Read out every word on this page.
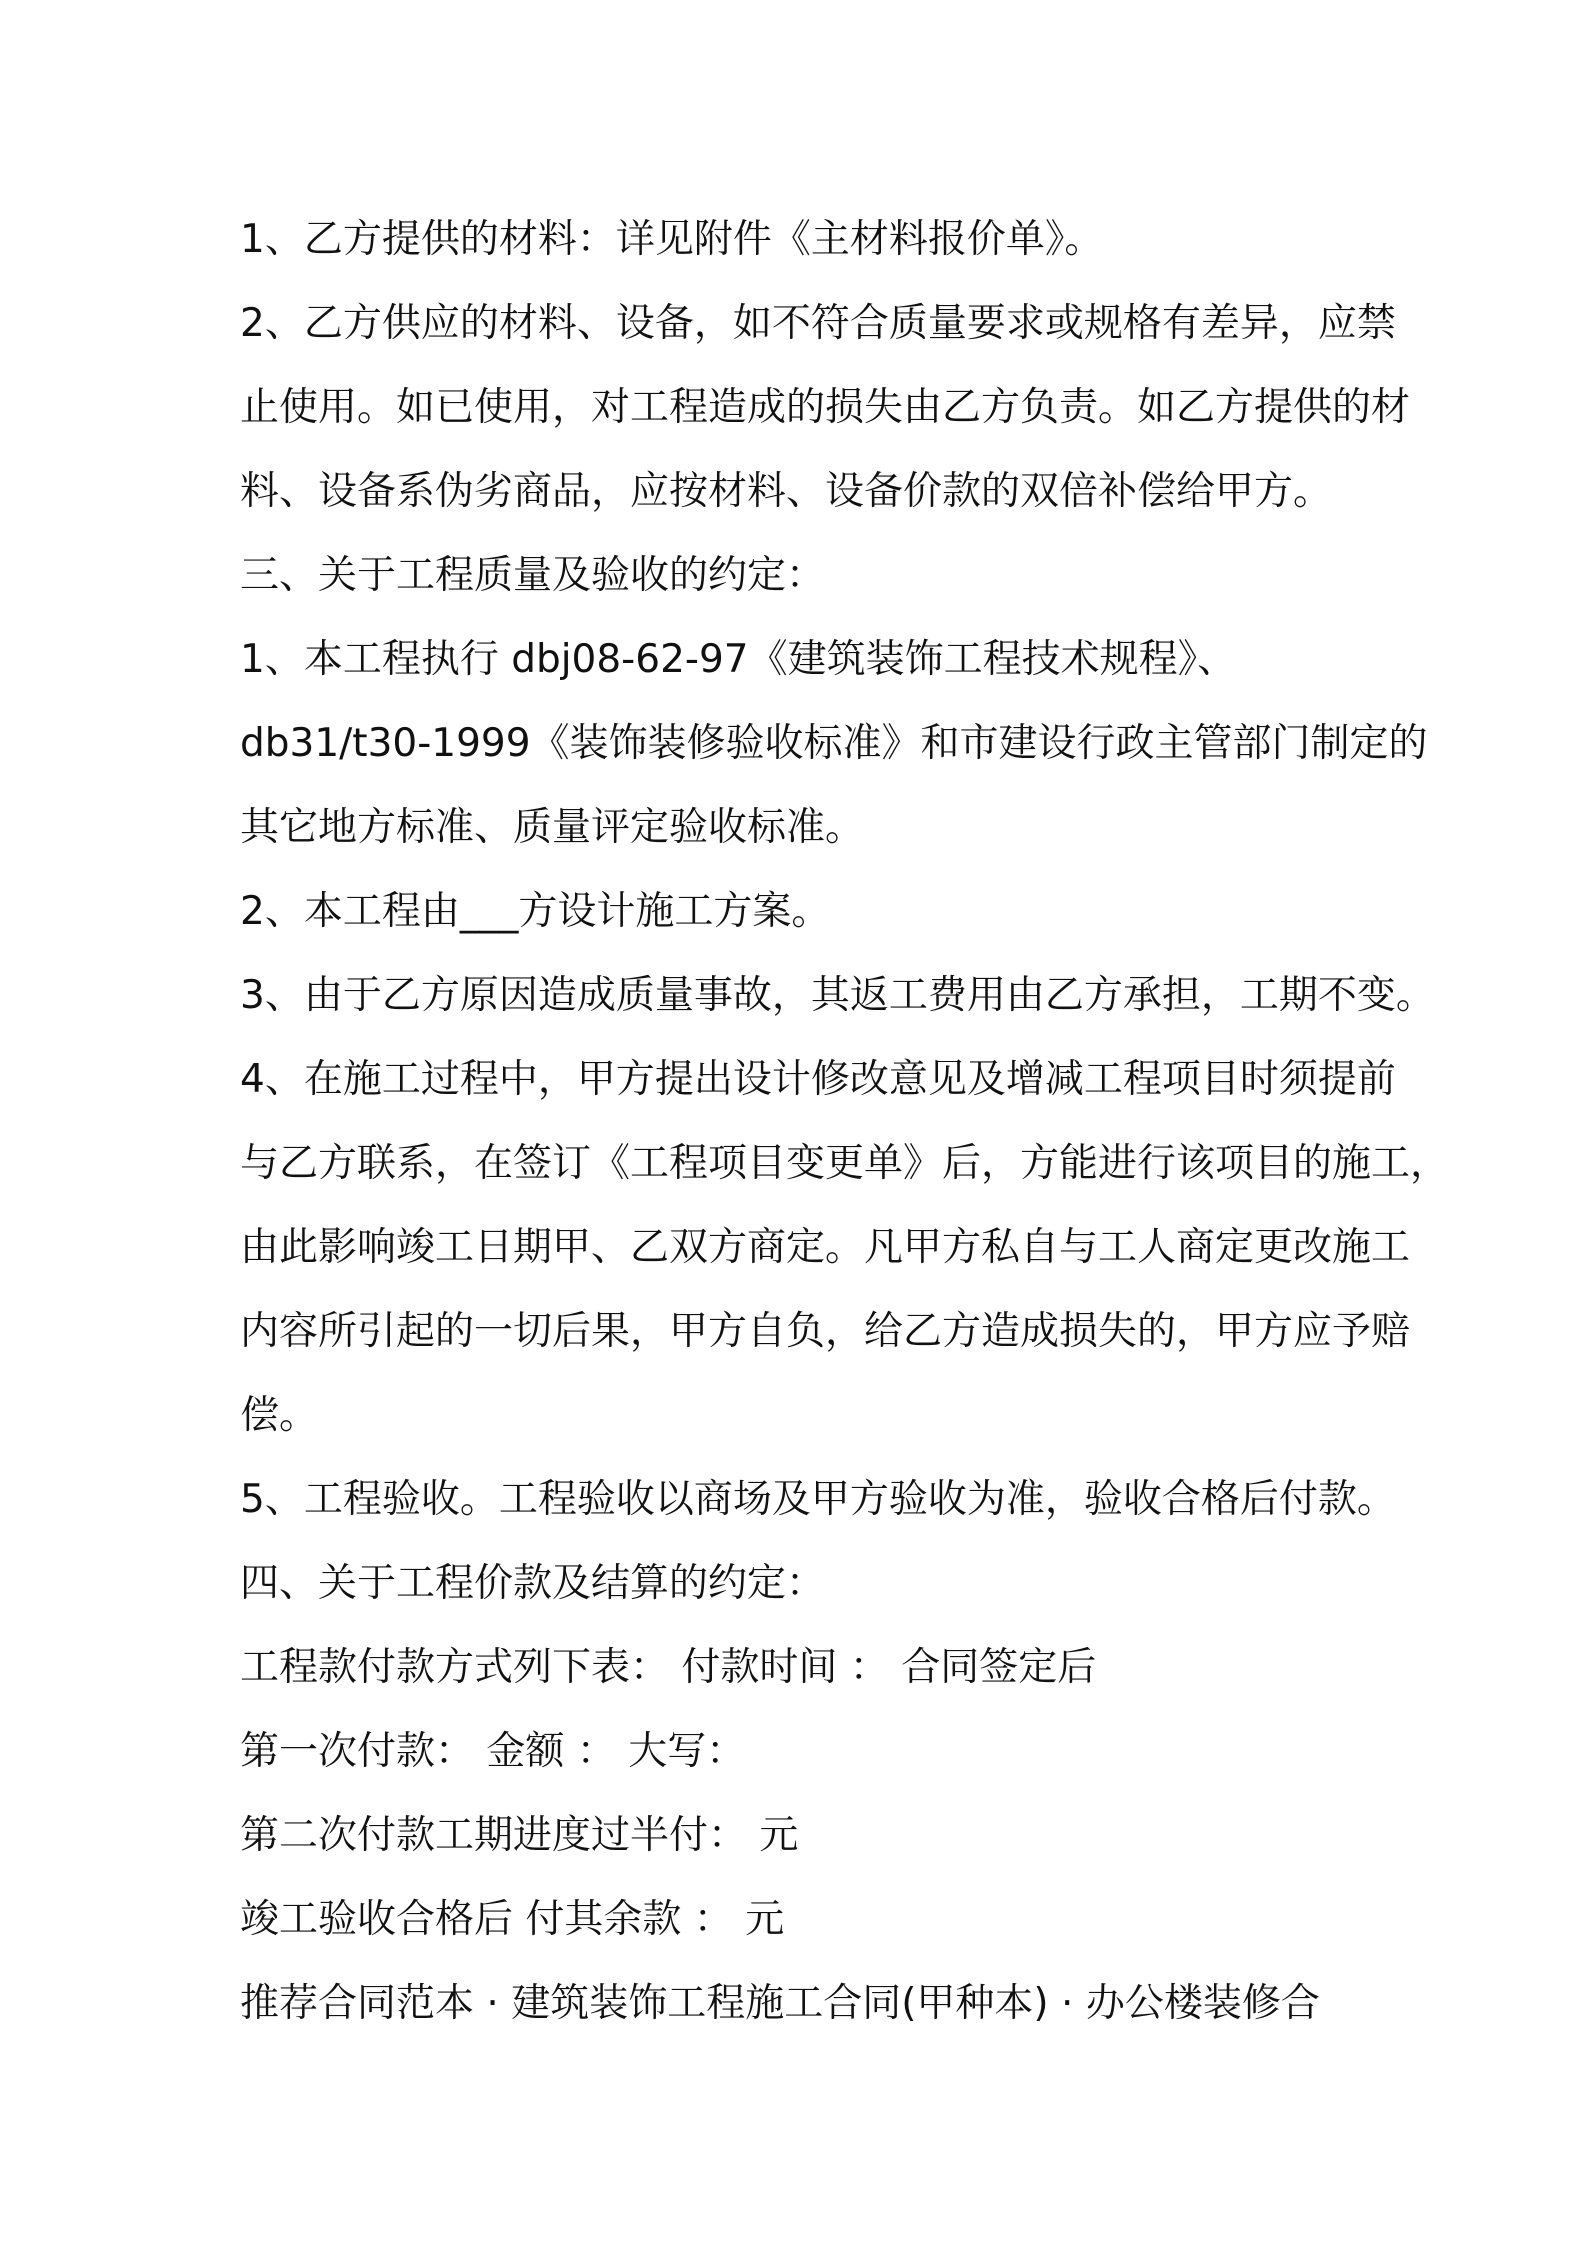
1、乙方提供的材料：详见附件《主材料报价单》。
2、乙方供应的材料、设备，如不符合质量要求或规格有差异，应禁
止使用。如已使用，对工程造成的损失由乙方负责。如乙方提供的材
料、设备系伪劣商品，应按材料、设备价款的双倍补偿给甲方。
三、关于工程质量及验收的约定：
1、本工程执行 dbj08-62-97《建筑装饰工程技术规程》、
db31/t30-1999《装饰装修验收标准》和市建设行政主管部门制定的
其它地方标准、质量评定验收标准。
2、本工程由___方设计施工方案。
3、由于乙方原因造成质量事故，其返工费用由乙方承担，工期不变。
4、在施工过程中，甲方提出设计修改意见及增减工程项目时须提前
与乙方联系，在签订《工程项目变更单》后，方能进行该项目的施工，
由此影响竣工日期甲、乙双方商定。凡甲方私自与工人商定更改施工
内容所引起的一切后果，甲方自负，给乙方造成损失的，甲方应予赔
偿。
5、工程验收。工程验收以商场及甲方验收为准，验收合格后付款。
四、关于工程价款及结算的约定：
工程款付款方式列下表： 付款时间 ： 合同签定后
第一次付款： 金额 ： 大写：
第二次付款工期进度过半付： 元
竣工验收合格后 付其余款 ： 元
推荐合同范本 · 建筑装饰工程施工合同(甲种本) · 办公楼装修合
